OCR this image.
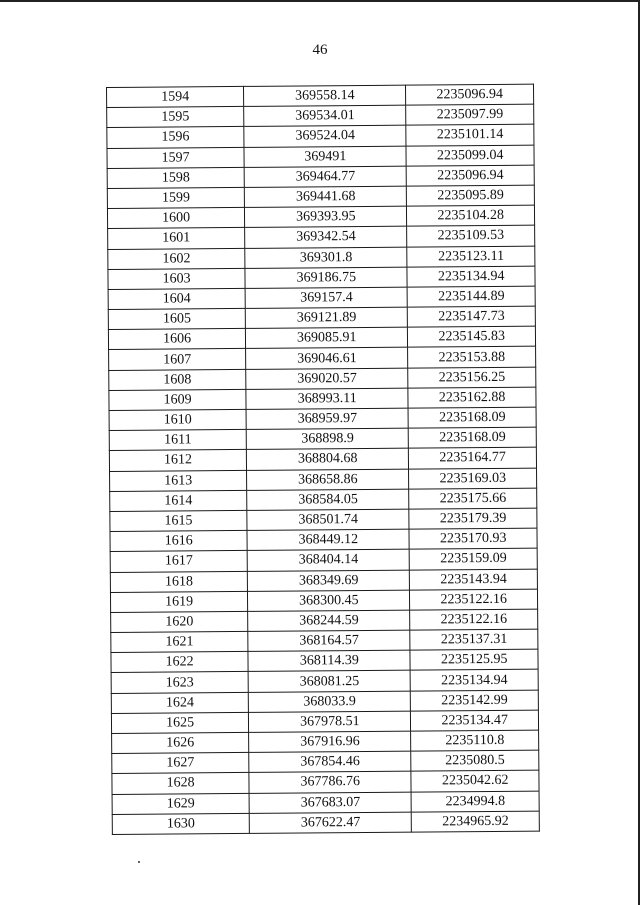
46
1594	369558.14	2235096.94
1595	369534.01	2235097.99
1596	369524.04	2235101.14
1597	369491	2235099.04
1598	369464.77	2235096.94
1599	369441.68	2235095.89
1600	369393.95	2235104.28
1601	369342.54	2235109.53
1602	369301.8	2235123.11
1603	369186.75	2235134.94
1604	369157.4	2235144.89
1605	369121.89	2235147.73
1606	369085.91	2235145.83
1607	369046.61	2235153.88
1608	369020.57	2235156.25
1609	368993.11	2235162.88
1610	368959.97	2235168.09
1611	368898.9	2235168.09
1612	368804.68	2235164.77
1613	368658.86	2235169.03
1614	368584.05	2235175.66
1615	368501.74	2235179.39
1616	368449.12	2235170.93
1617	368404.14	2235159.09
1618	368349.69	2235143.94
1619	368300.45	2235122.16
1620	368244.59	2235122.16
1621	368164.57	2235137.31
1622	368114.39	2235125.95
1623	368081.25	2235134.94
1624	368033.9	2235142.99
1625	367978.51	2235134.47
1626	367916.96	2235110.8
1627	367854.46	2235080.5
1628	367786.76	2235042.62
1629	367683.07	2234994.8
1630	367622.47	2234965.92
